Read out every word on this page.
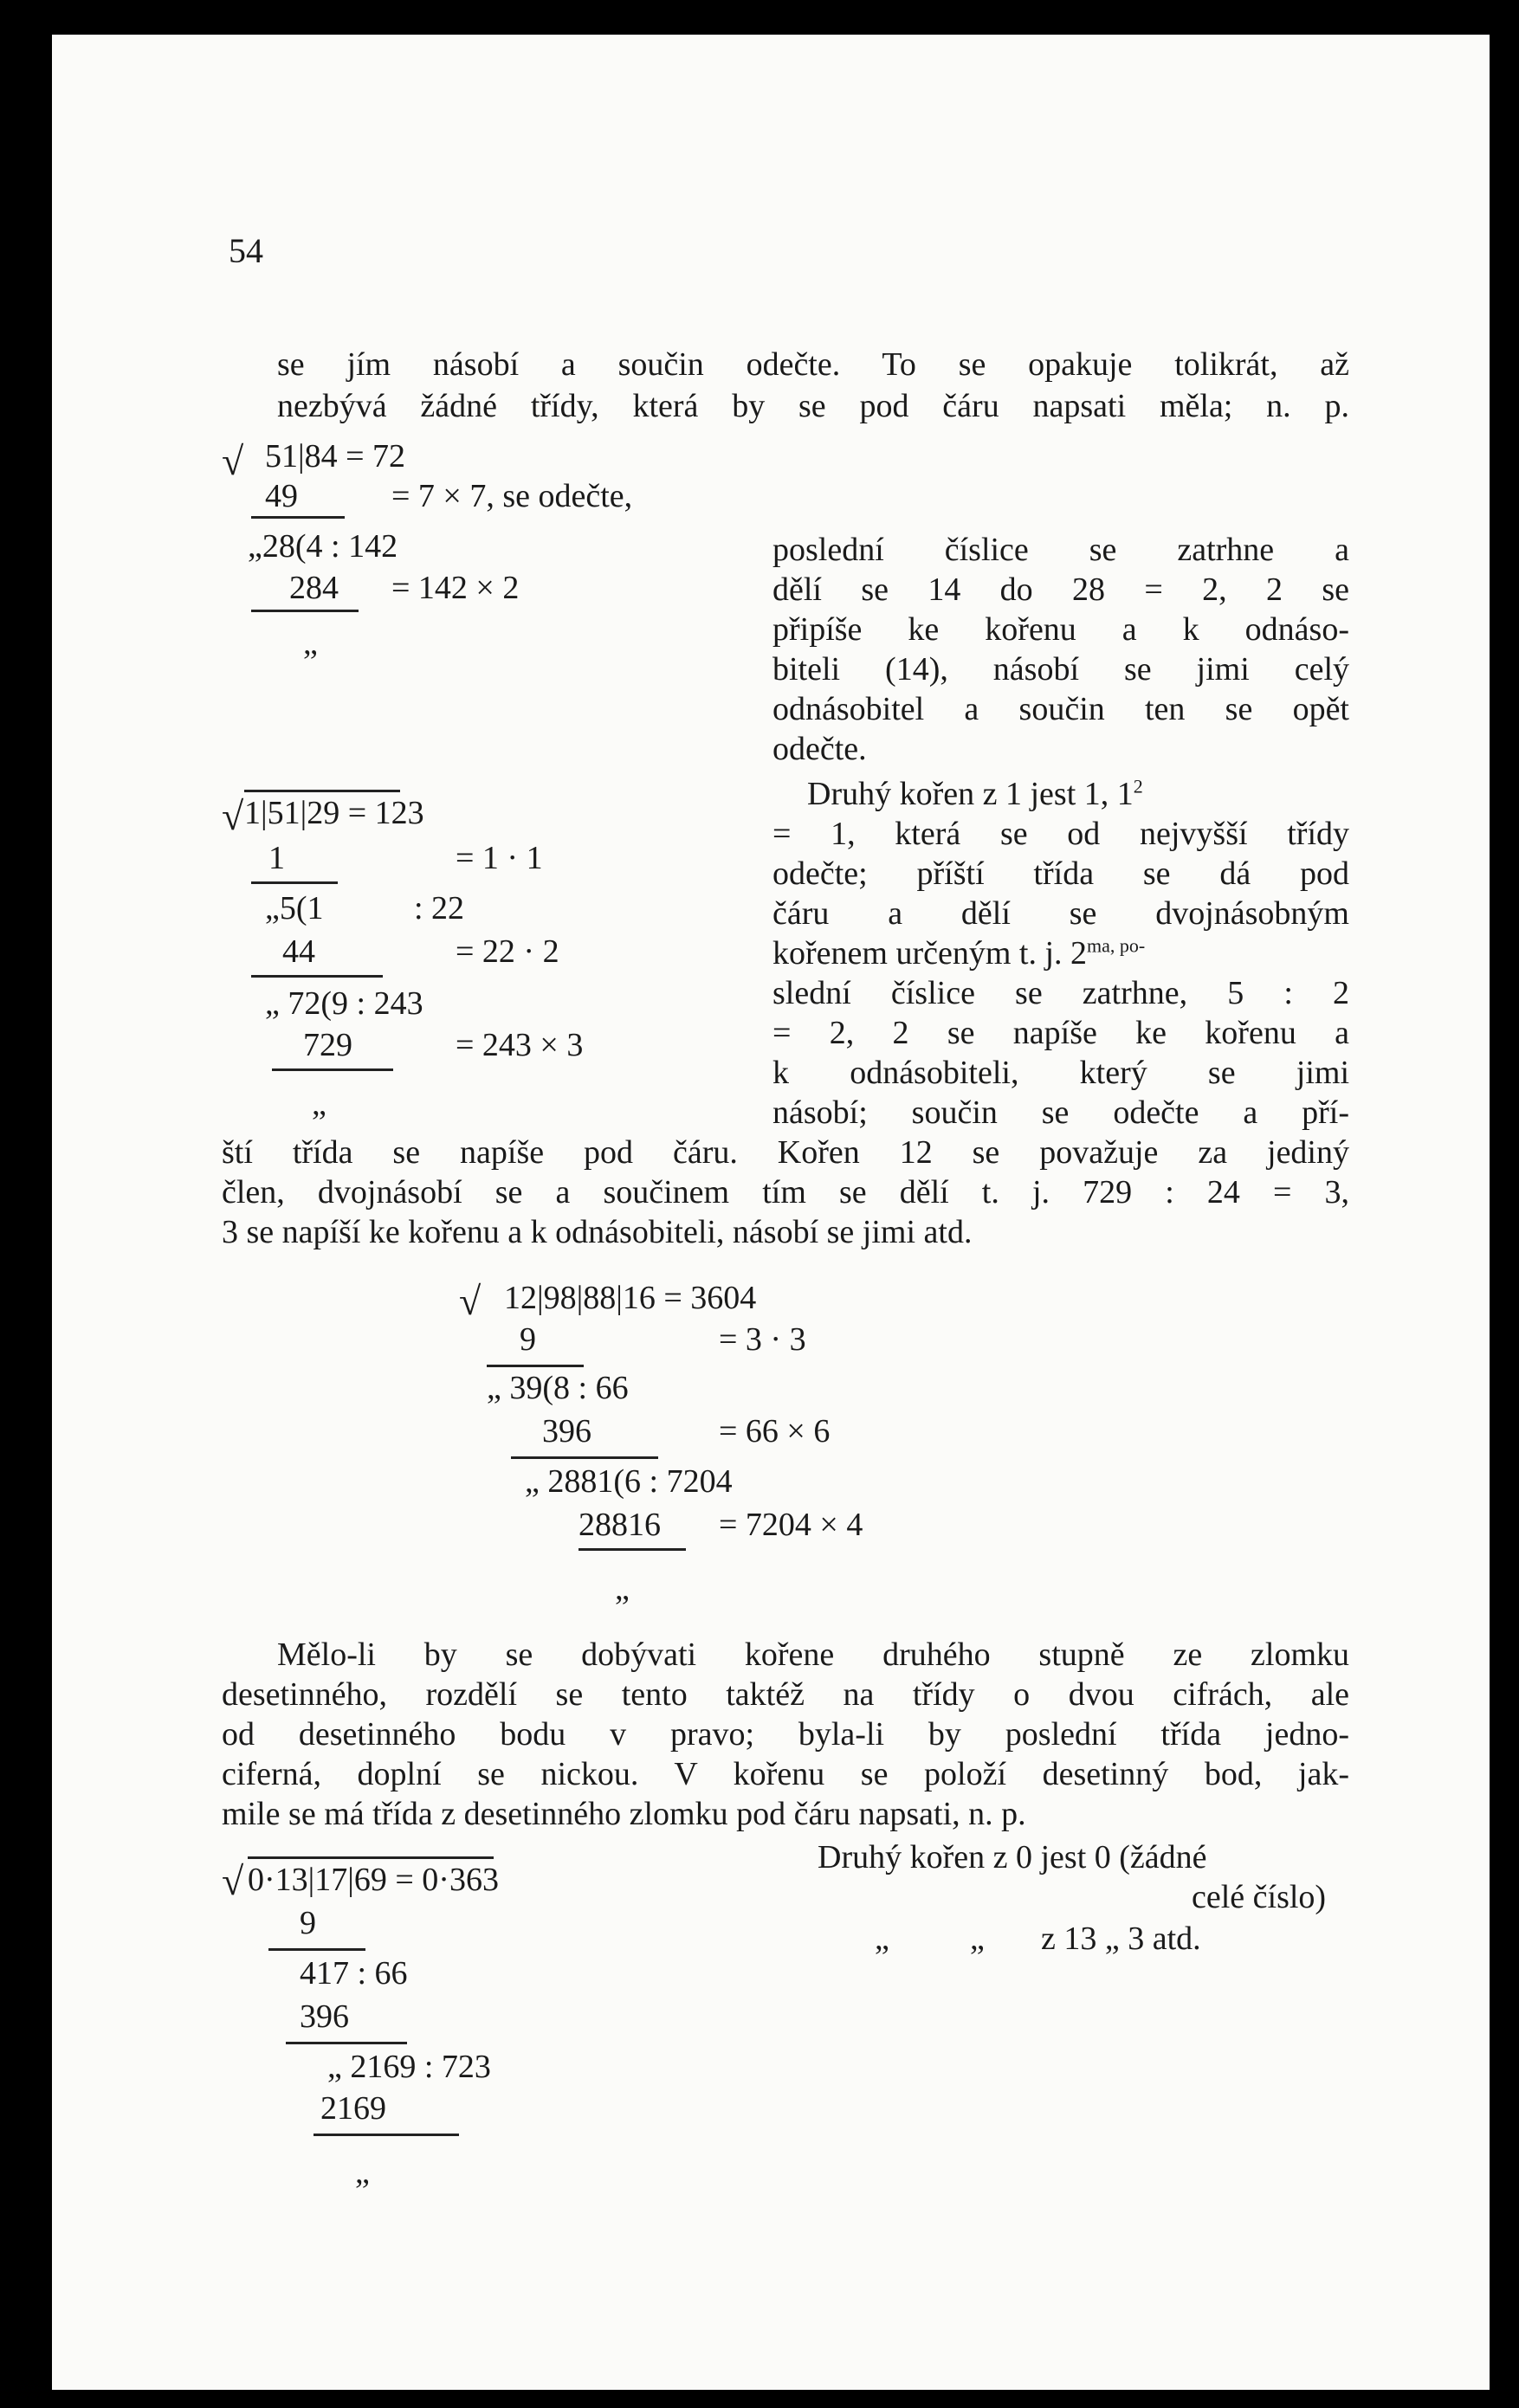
54
se jím násobí a součin odečte. To se opakuje tolikrát, až
nezbývá žádné třídy, která by se pod čáru napsati měla; n. p.
√ 51|84 = 72
49	= 7 × 7, se odečte,
„28(4 : 142
284 = 142 × 2
„
poslední číslice se zatrhne a
dělí se 14 do 28 = 2, 2 se
připíše ke kořenu a k odnáso-
biteli (14), násobí se jimi celý
odnásobitel a součin ten se opět
odečte.
√ 1|51|29 = 123
1	= 1 · 1
„5(1	: 22
44	= 22 · 2
„ 72(9 : 243
729	= 243 × 3
„
Druhý kořen z 1 jest 1, $1^2$
= 1, která se od nejvyšší třídy
odečte; příští třída se dá pod
čáru a dělí se dvojnásobným
kořenem určeným t. j. $2^{ma, po-}$
slední číslice se zatrhne, 5 : 2
= 2, 2 se napíše ke kořenu a
k odnásobiteli, který se jimi
násobí; součin se odečte a pří-
ští třída se napíše pod čáru. Kořen 12 se považuje za jediný
člen, dvojnásobí se a součinem tím se dělí t. j. 729 : 24 = 3,
3 se napíší ke kořenu a k odnásobiteli, násobí se jimi atd.
√ 12|98|88|16 = 3604
9	= 3 · 3
„ 39(8 : 66
396	= 66 × 6
„ 2881(6 : 7204
28816 = 7204 × 4
„
Mělo-li by se dobývati kořene druhého stupně ze zlomku
desetinného, rozdělí se tento taktéž na třídy o dvou cifrách, ale
od desetinného bodu v pravo; byla-li by poslední třída jedno-
ciferná, doplní se nickou. V kořenu se položí desetinný bod, jak-
mile se má třída z desetinného zlomku pod čáru napsati, n. p.
√ 0·13|17|69 = 0·363
9
417 : 66
396
„ 2169 : 723
2169
„
Druhý kořen z 0 jest 0 (žádné
celé číslo)
„ „ z 13 „ 3 atd.
